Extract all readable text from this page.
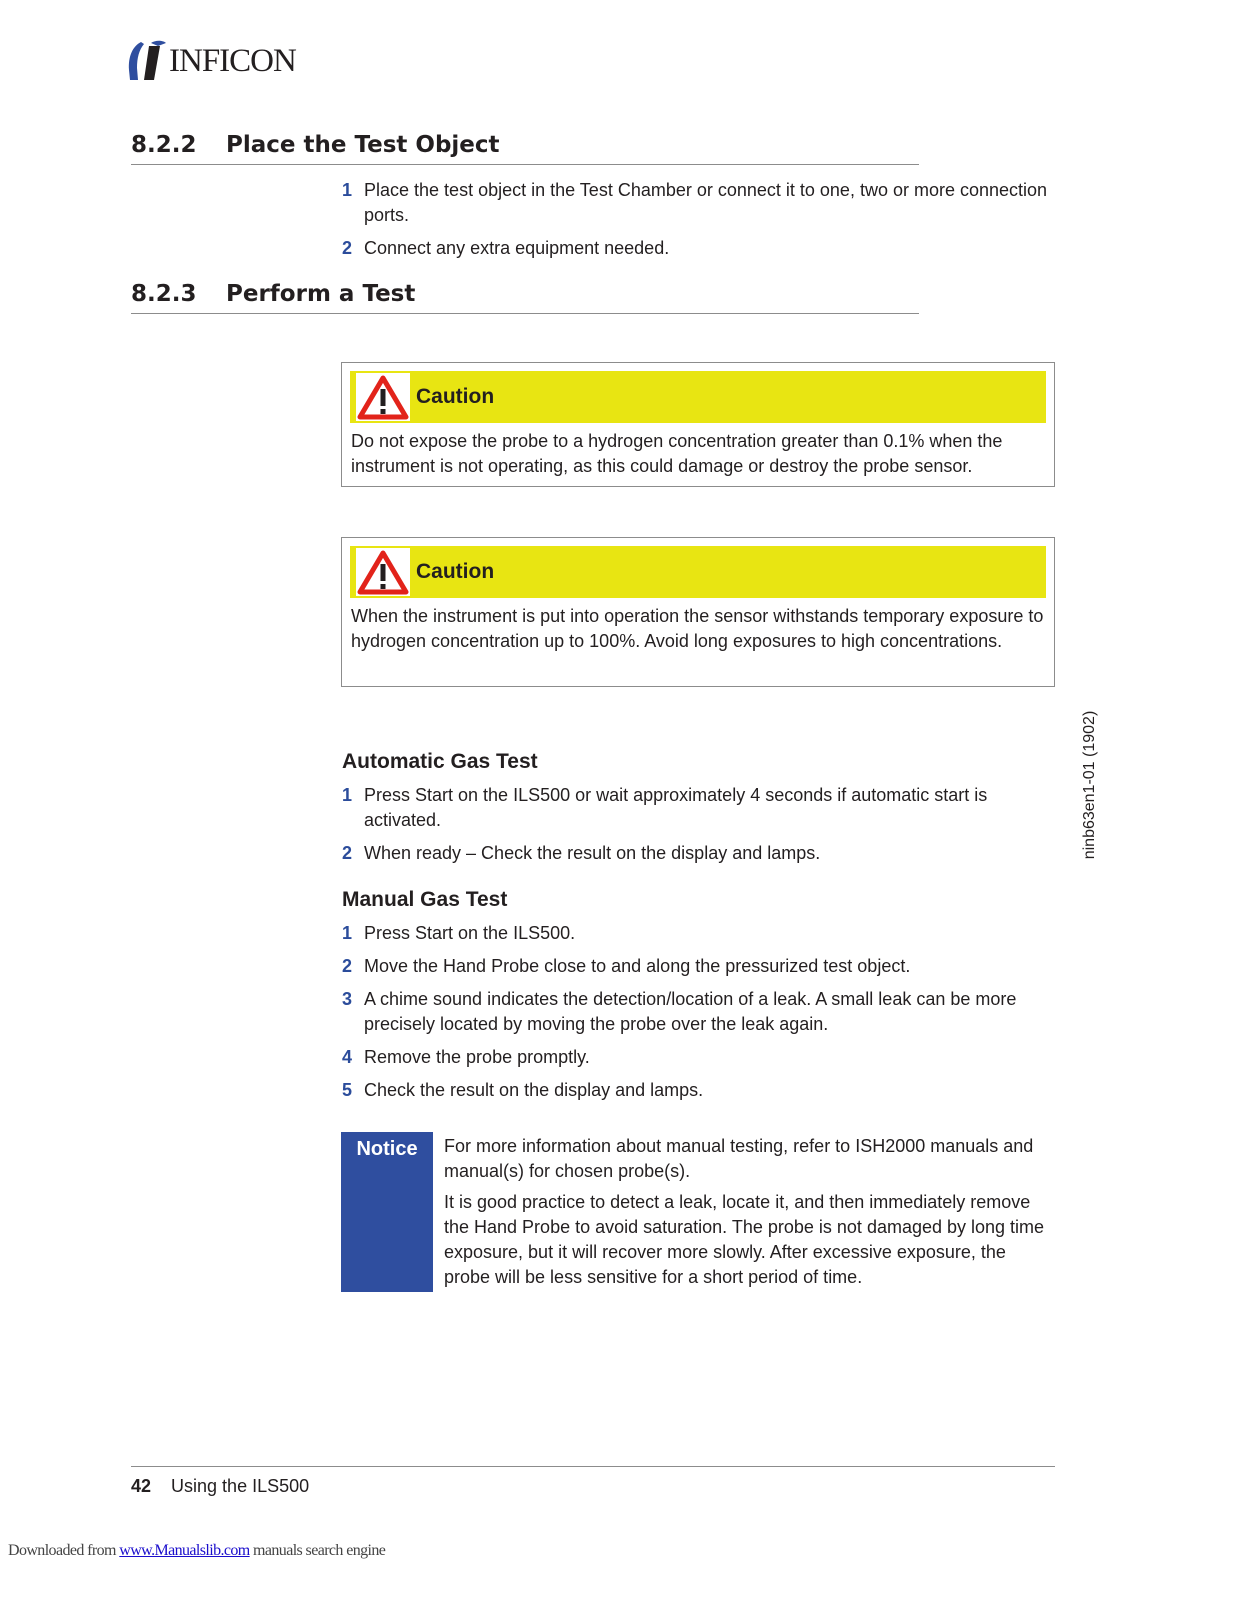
INFICON
8.2.2 Place the Test Object
1 Place the test object in the Test Chamber or connect it to one, two or more connection ports.
2 Connect any extra equipment needed.
8.2.3 Perform a Test
Caution
Do not expose the probe to a hydrogen concentration greater than 0.1% when the instrument is not operating, as this could damage or destroy the probe sensor.
Caution
When the instrument is put into operation the sensor withstands temporary exposure to hydrogen concentration up to 100%. Avoid long exposures to high concentrations.
Automatic Gas Test
1 Press Start on the ILS500 or wait approximately 4 seconds if automatic start is activated.
2 When ready – Check the result on the display and lamps.
Manual Gas Test
1 Press Start on the ILS500.
2 Move the Hand Probe close to and along the pressurized test object.
3 A chime sound indicates the detection/location of a leak. A small leak can be more precisely located by moving the probe over the leak again.
4 Remove the probe promptly.
5 Check the result on the display and lamps.
Notice	For more information about manual testing, refer to ISH2000 manuals and manual(s) for chosen probe(s).
It is good practice to detect a leak, locate it, and then immediately remove the Hand Probe to avoid saturation. The probe is not damaged by long time exposure, but it will recover more slowly. After excessive exposure, the probe will be less sensitive for a short period of time.
ninb63en1-01 (1902)
42 Using the ILS500
Downloaded from www.Manualslib.com manuals search engine
